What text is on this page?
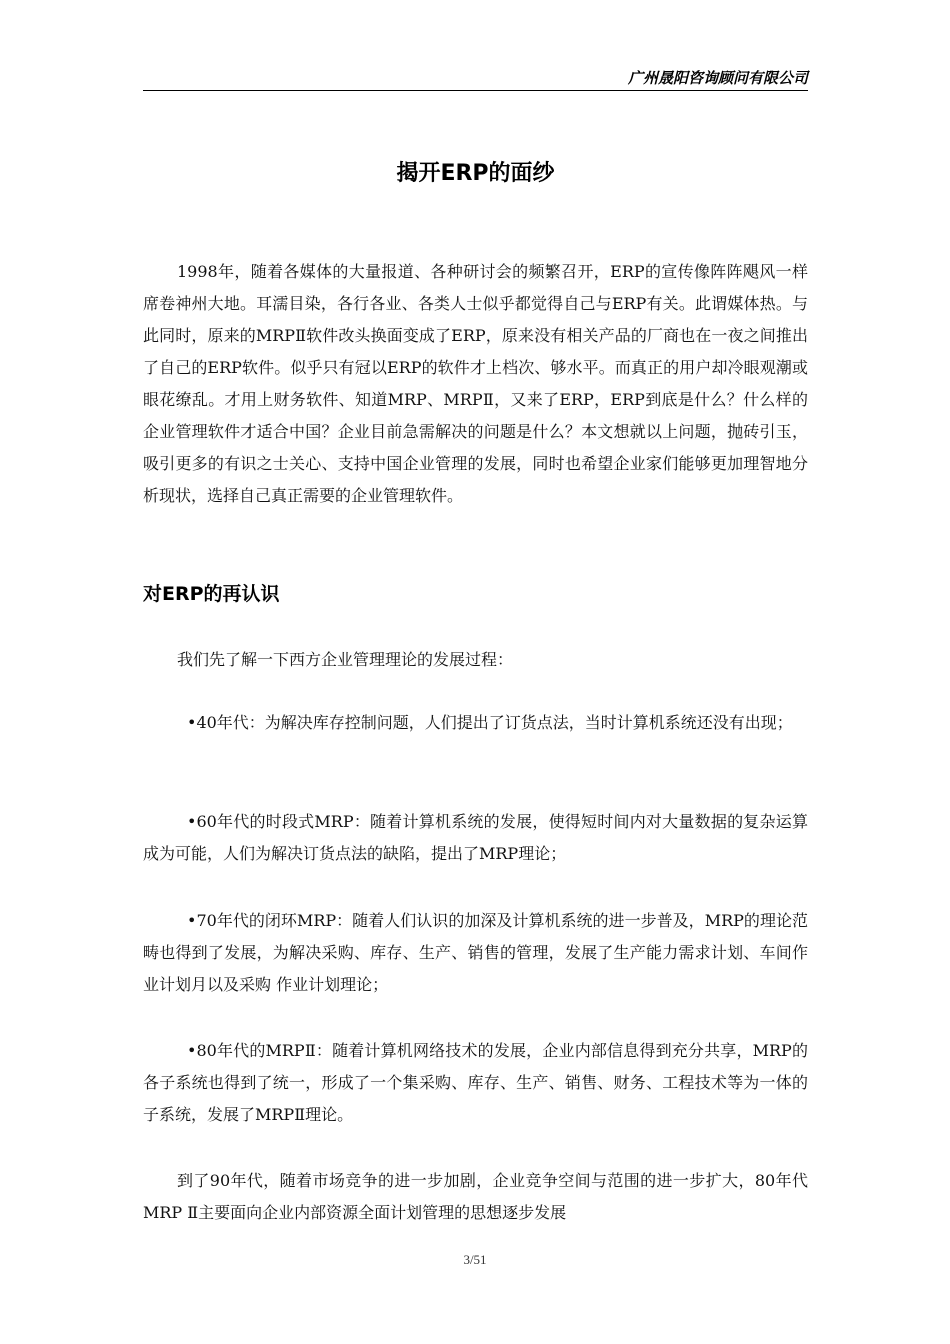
广州晟阳咨询顾问有限公司
揭开ERP的面纱

1998年，随着各媒体的大量报道、各种研讨会的频繁召开，ERP的宣传像阵阵飓风一样席卷神州大地。耳濡目染，各行各业、各类人士似乎都觉得自己与ERP有关。此谓媒体热。与此同时，原来的MRPⅡ软件改头换面变成了ERP，原来没有相关产品的厂商也在一夜之间推出了自己的ERP软件。似乎只有冠以ERP的软件才上档次、够水平。而真正的用户却冷眼观潮或眼花缭乱。才用上财务软件、知道MRP、MRPⅡ，又来了ERP，ERP到底是什么？什么样的企业管理软件才适合中国？企业目前急需解决的问题是什么？本文想就以上问题，抛砖引玉，吸引更多的有识之士关心、支持中国企业管理的发展，同时也希望企业家们能够更加理智地分析现状，选择自己真正需要的企业管理软件。

对ERP的再认识

我们先了解一下西方企业管理理论的发展过程：

•40年代：为解决库存控制问题，人们提出了订货点法，当时计算机系统还没有出现；

•60年代的时段式MRP：随着计算机系统的发展，使得短时间内对大量数据的复杂运算成为可能，人们为解决订货点法的缺陷，提出了MRP理论；

•70年代的闭环MRP：随着人们认识的加深及计算机系统的进一步普及，MRP的理论范畴也得到了发展，为解决采购、库存、生产、销售的管理，发展了生产能力需求计划、车间作业计划月以及采购 作业计划理论；

•80年代的MRPⅡ：随着计算机网络技术的发展，企业内部信息得到充分共享，MRP的各子系统也得到了统一，形成了一个集采购、库存、生产、销售、财务、工程技术等为一体的子系统，发展了MRPⅡ理论。

到了90年代，随着市场竞争的进一步加剧，企业竞争空间与范围的进一步扩大，80年代MRP Ⅱ主要面向企业内部资源全面计划管理的思想逐步发展

3/51
